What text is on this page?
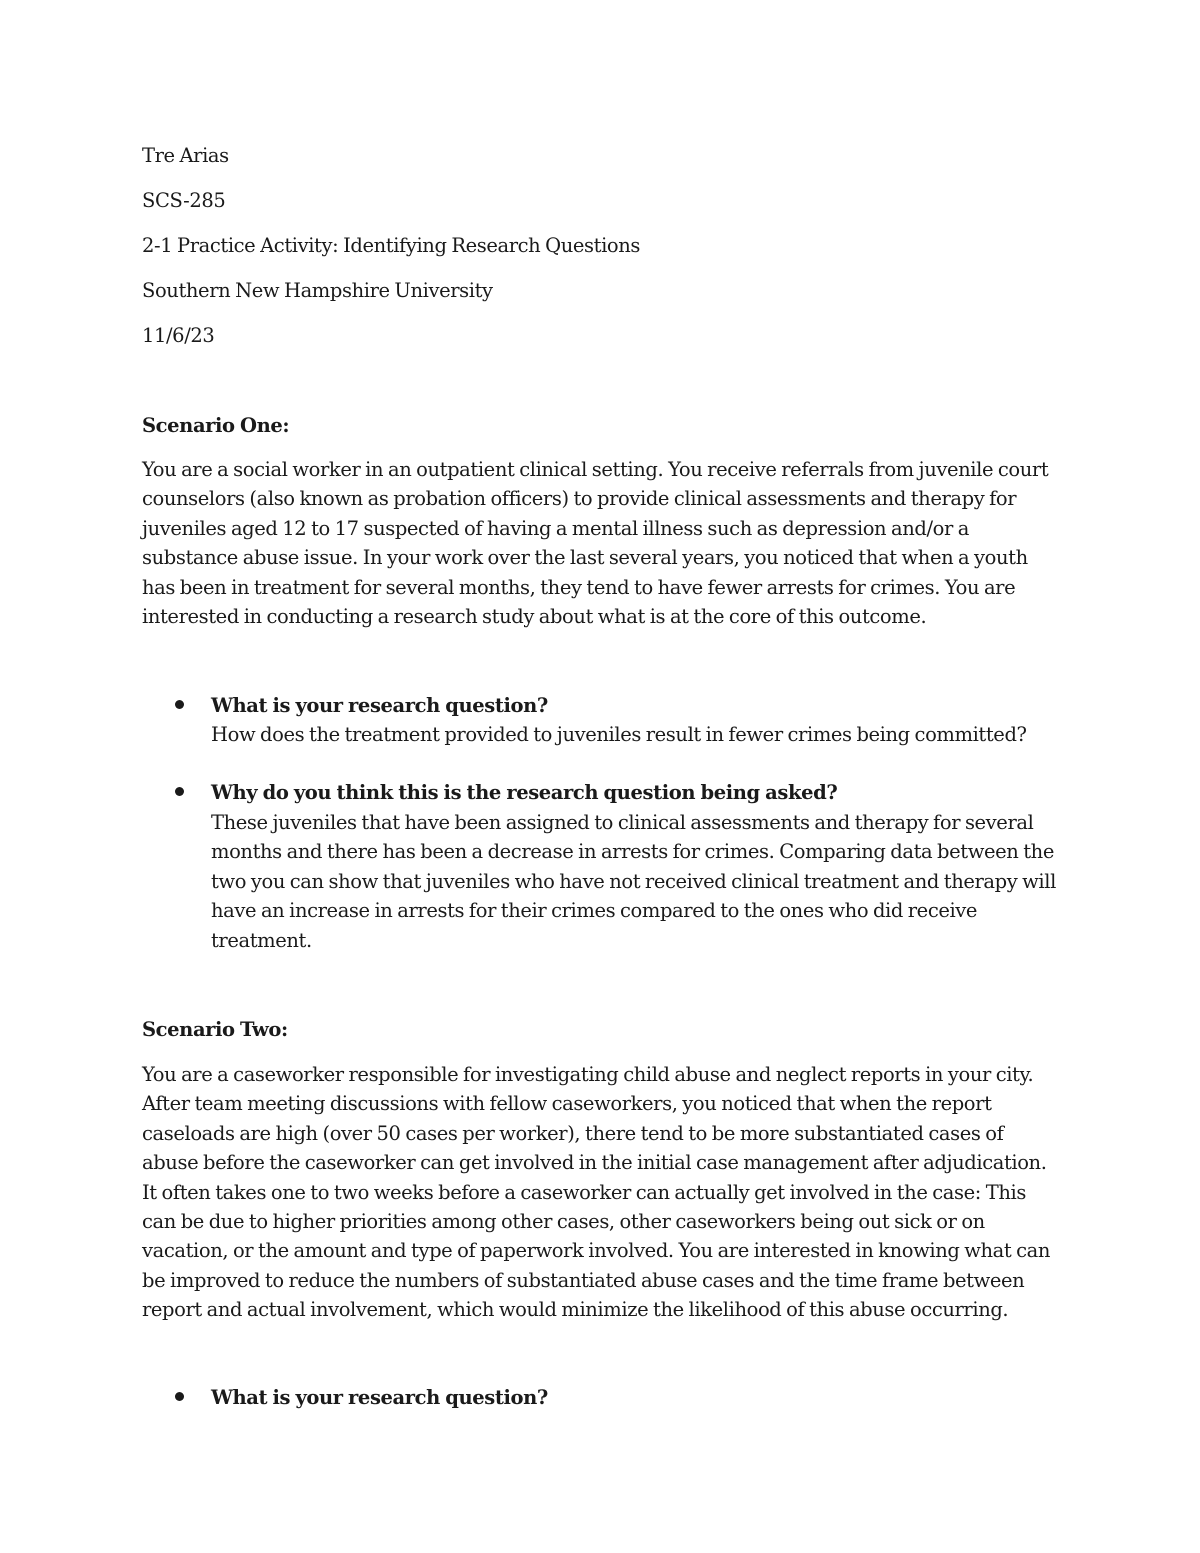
Tre Arias
SCS-285
2-1 Practice Activity: Identifying Research Questions
Southern New Hampshire University
11/6/23
Scenario One:

You are a social worker in an outpatient clinical setting. You receive referrals from juvenile court counselors (also known as probation officers) to provide clinical assessments and therapy for juveniles aged 12 to 17 suspected of having a mental illness such as depression and/or a substance abuse issue. In your work over the last several years, you noticed that when a youth has been in treatment for several months, they tend to have fewer arrests for crimes. You are interested in conducting a research study about what is at the core of this outcome.

What is your research question?

How does the treatment provided to juveniles result in fewer crimes being committed?

Why do you think this is the research question being asked?

These juveniles that have been assigned to clinical assessments and therapy for several months and there has been a decrease in arrests for crimes. Comparing data between the two you can show that juveniles who have not received clinical treatment and therapy will have an increase in arrests for their crimes compared to the ones who did receive treatment.

Scenario Two:

You are a caseworker responsible for investigating child abuse and neglect reports in your city. After team meeting discussions with fellow caseworkers, you noticed that when the report caseloads are high (over 50 cases per worker), there tend to be more substantiated cases of abuse before the caseworker can get involved in the initial case management after adjudication. It often takes one to two weeks before a caseworker can actually get involved in the case: This can be due to higher priorities among other cases, other caseworkers being out sick or on vacation, or the amount and type of paperwork involved. You are interested in knowing what can be improved to reduce the numbers of substantiated abuse cases and the time frame between report and actual involvement, which would minimize the likelihood of this abuse occurring.

What is your research question?
